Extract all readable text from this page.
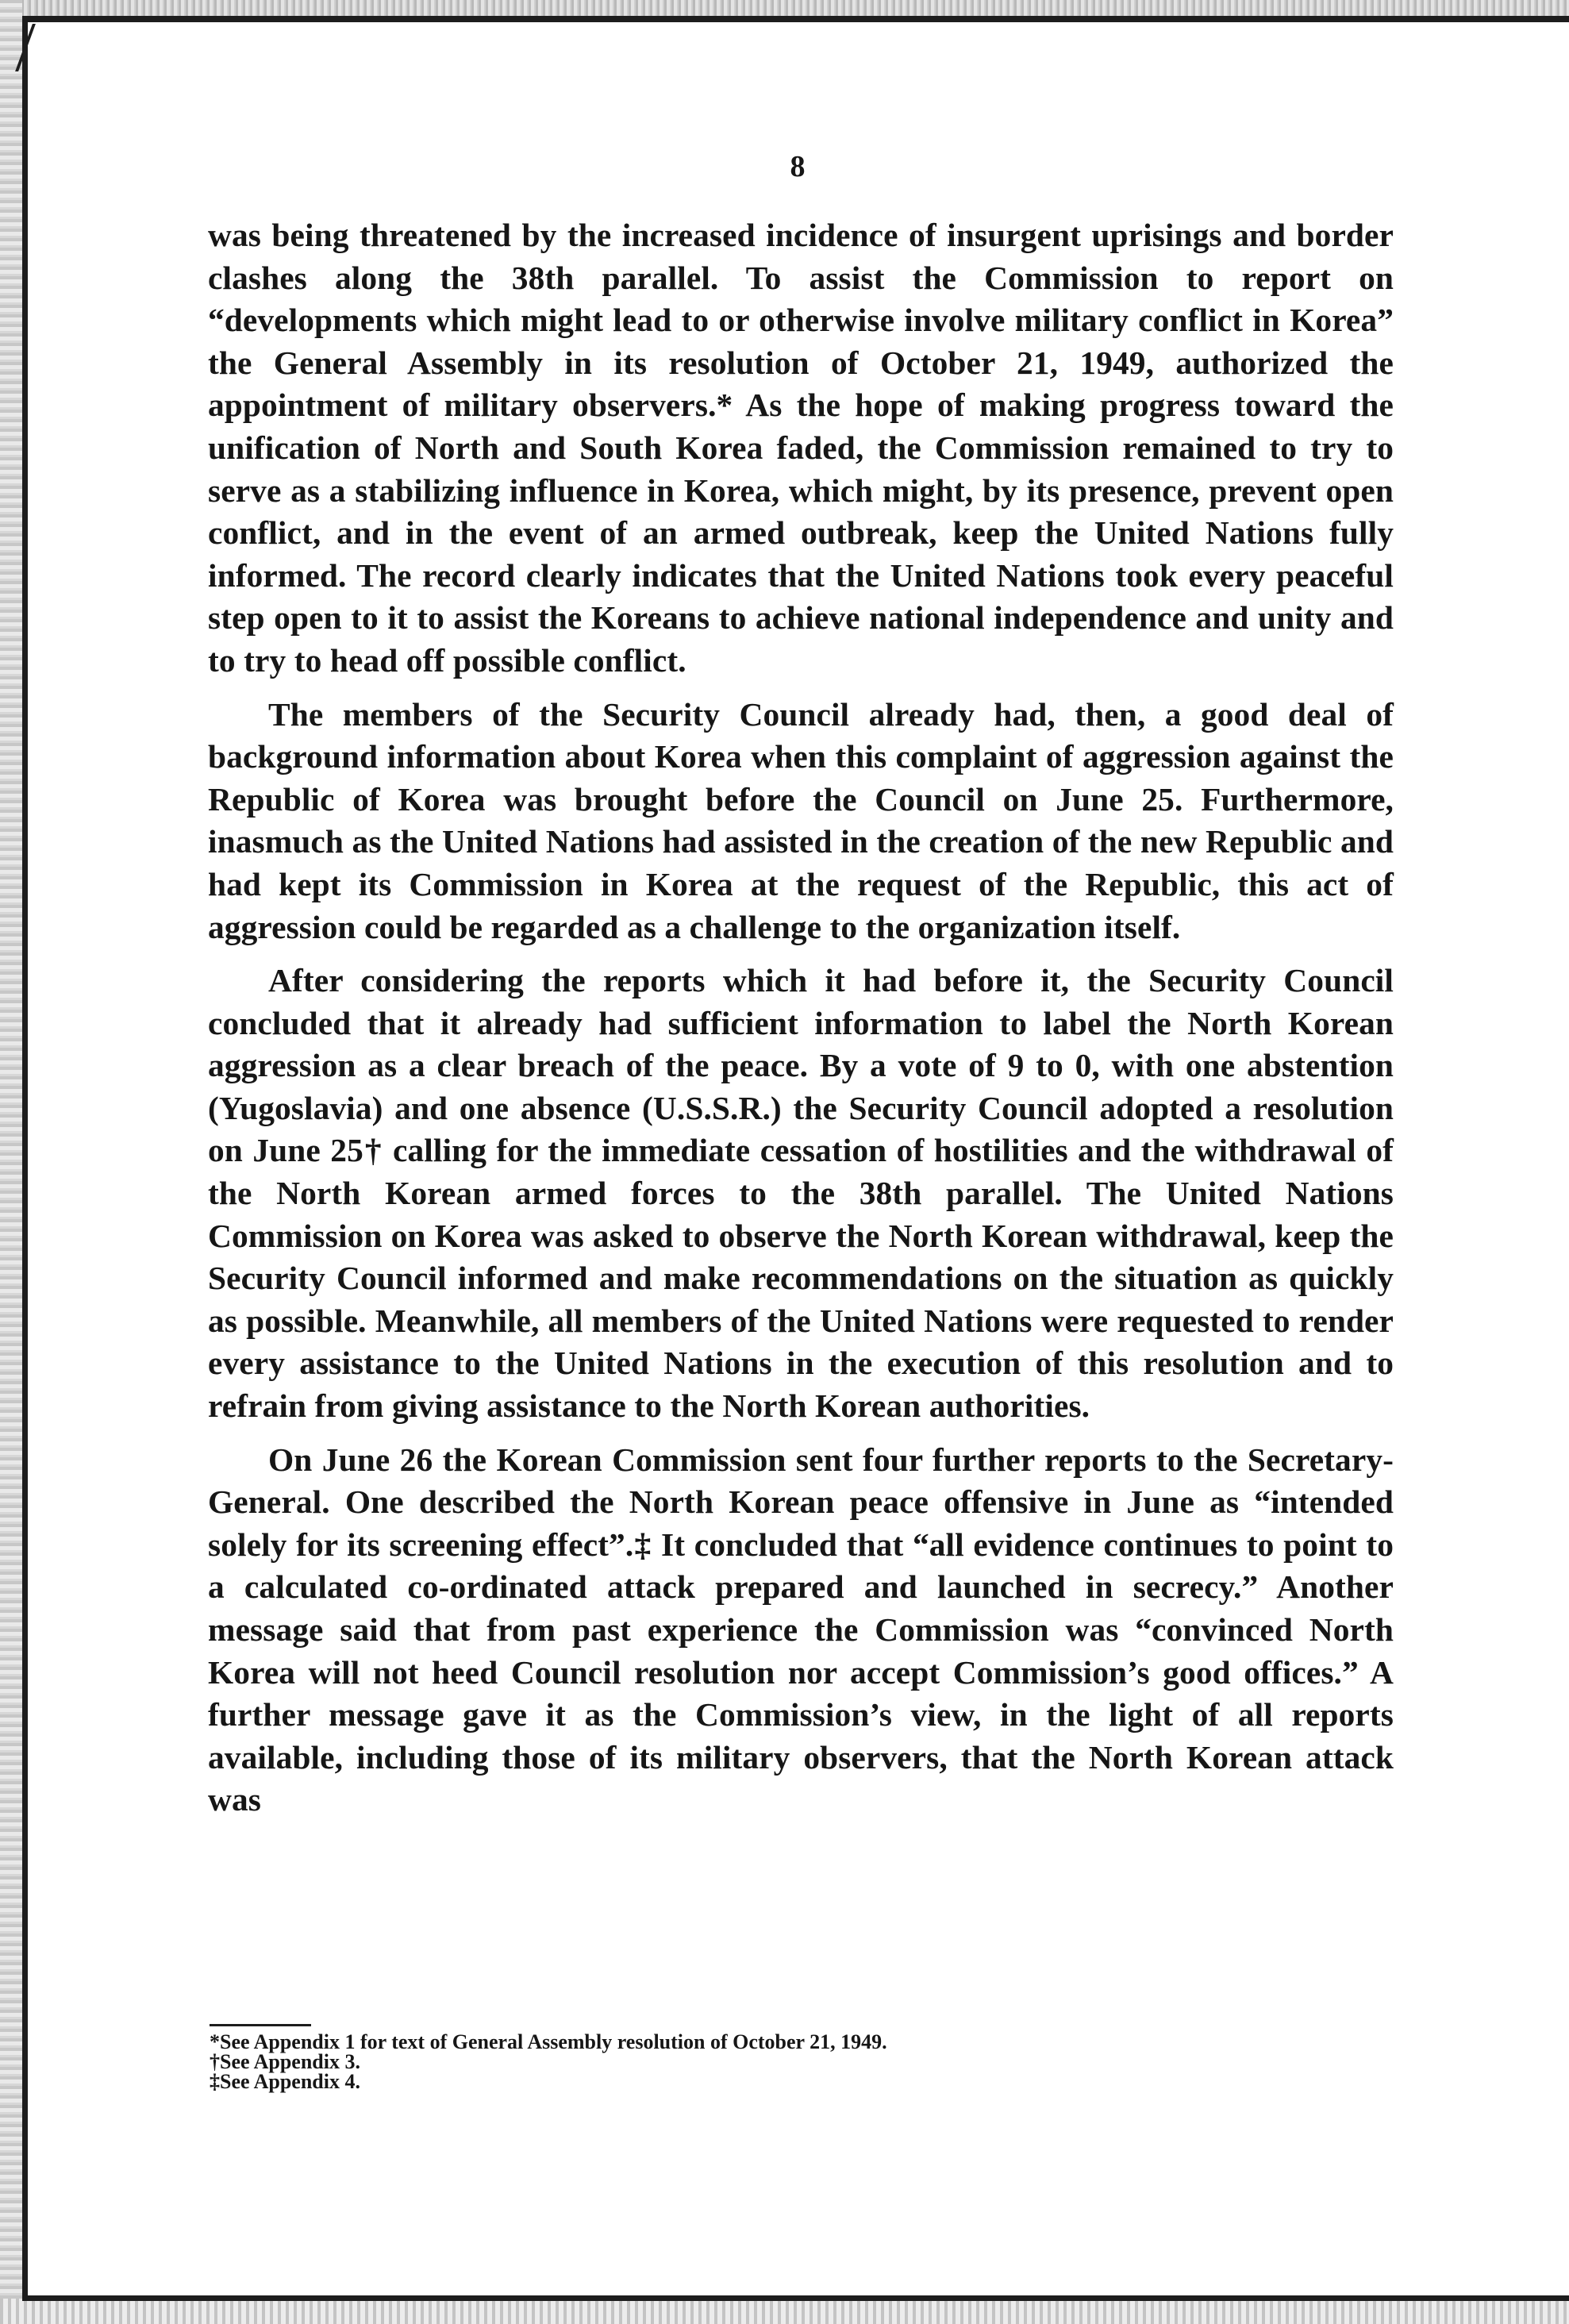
8

was being threatened by the increased incidence of insurgent uprisings and border clashes along the 38th parallel. To assist the Commission to report on “developments which might lead to or otherwise involve military conflict in Korea” the General Assembly in its resolution of October 21, 1949, authorized the appointment of military observers.* As the hope of making progress toward the unification of North and South Korea faded, the Commission remained to try to serve as a stabilizing influence in Korea, which might, by its presence, prevent open conflict, and in the event of an armed outbreak, keep the United Nations fully informed. The record clearly indicates that the United Nations took every peaceful step open to it to assist the Koreans to achieve national independence and unity and to try to head off possible conflict.

The members of the Security Council already had, then, a good deal of background information about Korea when this complaint of aggression against the Republic of Korea was brought before the Council on June 25. Furthermore, inasmuch as the United Nations had assisted in the creation of the new Republic and had kept its Commission in Korea at the request of the Republic, this act of aggression could be regarded as a challenge to the organization itself.

After considering the reports which it had before it, the Security Council concluded that it already had sufficient information to label the North Korean aggression as a clear breach of the peace. By a vote of 9 to 0, with one abstention (Yugoslavia) and one absence (U.S.S.R.) the Security Council adopted a resolution on June 25† calling for the immediate cessation of hostilities and the withdrawal of the North Korean armed forces to the 38th parallel. The United Nations Commission on Korea was asked to observe the North Korean withdrawal, keep the Security Council informed and make recommendations on the situation as quickly as possible. Meanwhile, all members of the United Nations were requested to render every assistance to the United Nations in the execution of this resolution and to refrain from giving assistance to the North Korean authorities.

On June 26 the Korean Commission sent four further reports to the Secretary-General. One described the North Korean peace offensive in June as “intended solely for its screening effect”.‡ It concluded that “all evidence continues to point to a calculated co-ordinated attack prepared and launched in secrecy.” Another message said that from past experience the Commission was “convinced North Korea will not heed Council resolution nor accept Commission’s good offices.” A further message gave it as the Commission’s view, in the light of all reports available, including those of its military observers, that the North Korean attack was

*See Appendix 1 for text of General Assembly resolution of October 21, 1949.
†See Appendix 3.
‡See Appendix 4.
